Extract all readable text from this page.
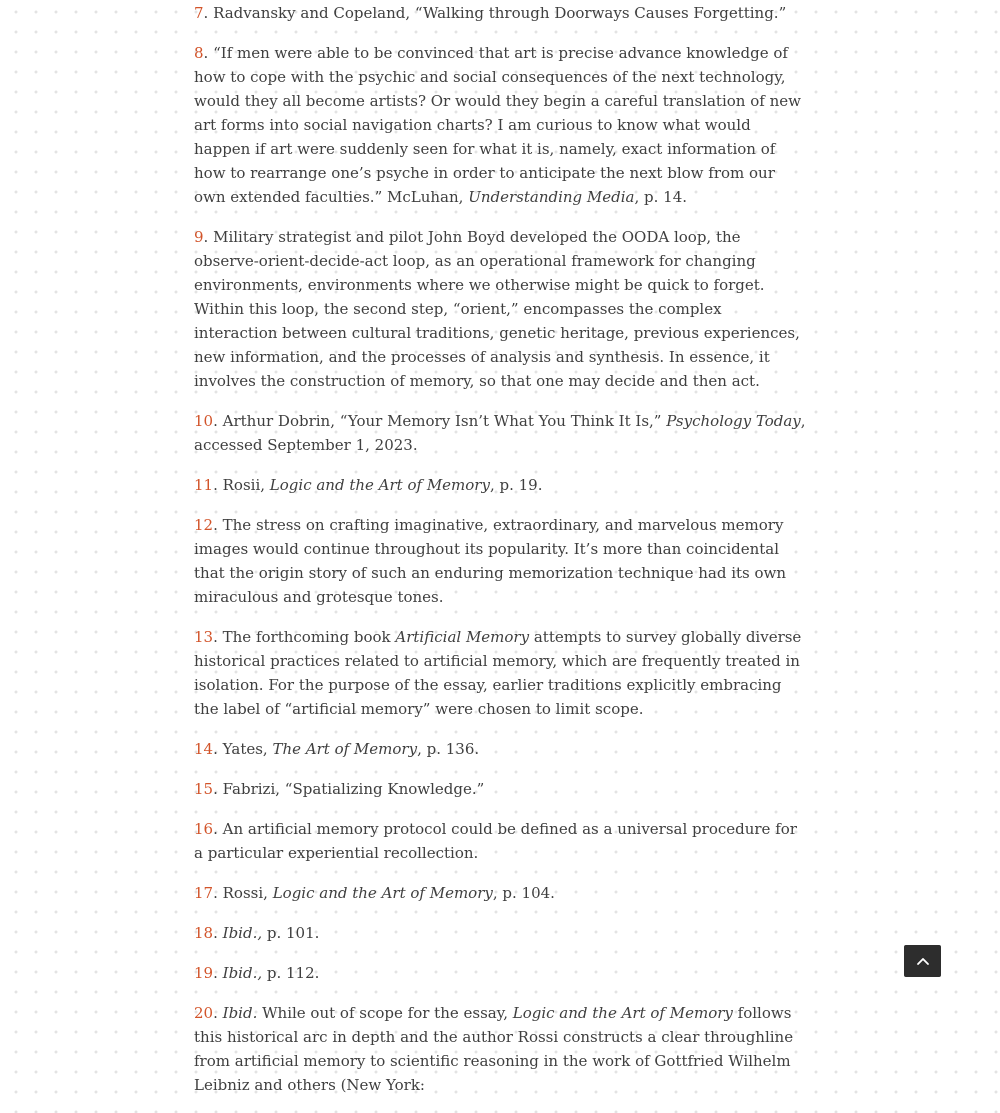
7. Radvansky and Copeland, “Walking through Doorways Causes Forgetting.”
8. “If men were able to be convinced that art is precise advance knowledge of how to cope with the psychic and social consequences of the next technology, would they all become artists? Or would they begin a careful translation of new art forms into social navigation charts? I am curious to know what would happen if art were suddenly seen for what it is, namely, exact information of how to rearrange one’s psyche in order to anticipate the next blow from our own extended faculties.” McLuhan, Understanding Media, p. 14.
9. Military strategist and pilot John Boyd developed the OODA loop, the observe-orient-decide-act loop, as an operational framework for changing environments, environments where we otherwise might be quick to forget. Within this loop, the second step, “orient,” encompasses the complex interaction between cultural traditions, genetic heritage, previous experiences, new information, and the processes of analysis and synthesis. In essence, it involves the construction of memory, so that one may decide and then act.
10. Arthur Dobrin, “Your Memory Isn’t What You Think It Is,” Psychology Today, accessed September 1, 2023.
11. Rosii, Logic and the Art of Memory, p. 19.
12. The stress on crafting imaginative, extraordinary, and marvelous memory images would continue throughout its popularity. It’s more than coincidental that the origin story of such an enduring memorization technique had its own miraculous and grotesque tones.
13. The forthcoming book Artificial Memory attempts to survey globally diverse historical practices related to artificial memory, which are frequently treated in isolation. For the purpose of the essay, earlier traditions explicitly embracing the label of “artificial memory” were chosen to limit scope.
14. Yates, The Art of Memory, p. 136.
15. Fabrizi, “Spatializing Knowledge.”
16. An artificial memory protocol could be defined as a universal procedure for a particular experiential recollection.
17. Rossi, Logic and the Art of Memory, p. 104.
18. Ibid., p. 101.
19. Ibid., p. 112.
20. Ibid. While out of scope for the essay, Logic and the Art of Memory follows this historical arc in depth and the author Rossi constructs a clear throughline from artificial memory to scientific reasoning in the work of Gottfried Wilhelm Leibniz and others (New York:
